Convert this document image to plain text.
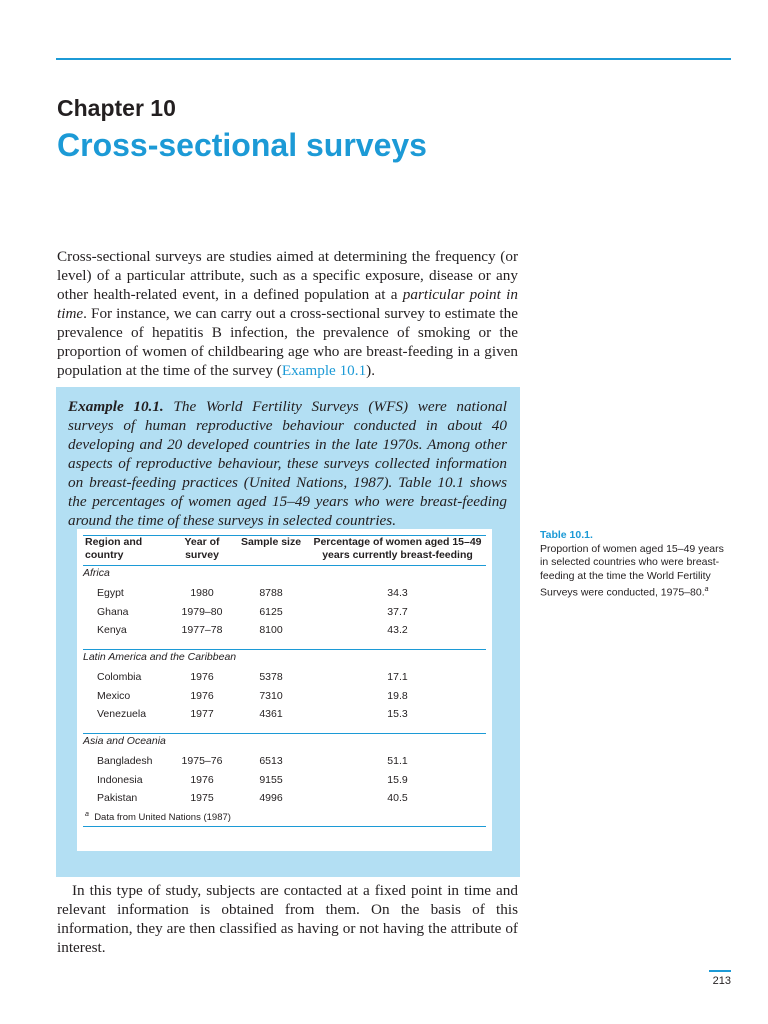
Chapter 10
Cross-sectional surveys

Cross-sectional surveys are studies aimed at determining the frequency (or level) of a particular attribute, such as a specific exposure, disease or any other health-related event, in a defined population at a particular point in time. For instance, we can carry out a cross-sectional survey to estimate the prevalence of hepatitis B infection, the prevalence of smoking or the proportion of women of childbearing age who are breast-feeding in a given population at the time of the survey (Example 10.1).

Example 10.1. The World Fertility Surveys (WFS) were national surveys of human reproductive behaviour conducted in about 40 developing and 20 developed countries in the late 1970s. Among other aspects of reproductive behaviour, these surveys collected information on breast-feeding practices (United Nations, 1987). Table 10.1 shows the percentages of women aged 15–49 years who were breast-feeding around the time of these surveys in selected countries.

Region and country	Year of survey	Sample size	Percentage of women aged 15–49 years currently breast-feeding
Africa			
Egypt	1980	8788	34.3
Ghana	1979–80	6125	37.7
Kenya	1977–78	8100	43.2

Latin America and the Caribbean			
Colombia	1976	5378	17.1
Mexico	1976	7310	19.8
Venezuela	1977	4361	15.3

Asia and Oceania			
Bangladesh	1975–76	6513	51.1
Indonesia	1976	9155	15.9
Pakistan	1975	4996	40.5
$^a$ Data from United Nations (1987)			
Table 10.1.
Proportion of women aged 15–49 years in selected countries who were breast-feeding at the time the World Fertility Surveys were conducted, 1975–80.$^a$

In this type of study, subjects are contacted at a fixed point in time and relevant information is obtained from them. On the basis of this information, they are then classified as having or not having the attribute of interest.

213
